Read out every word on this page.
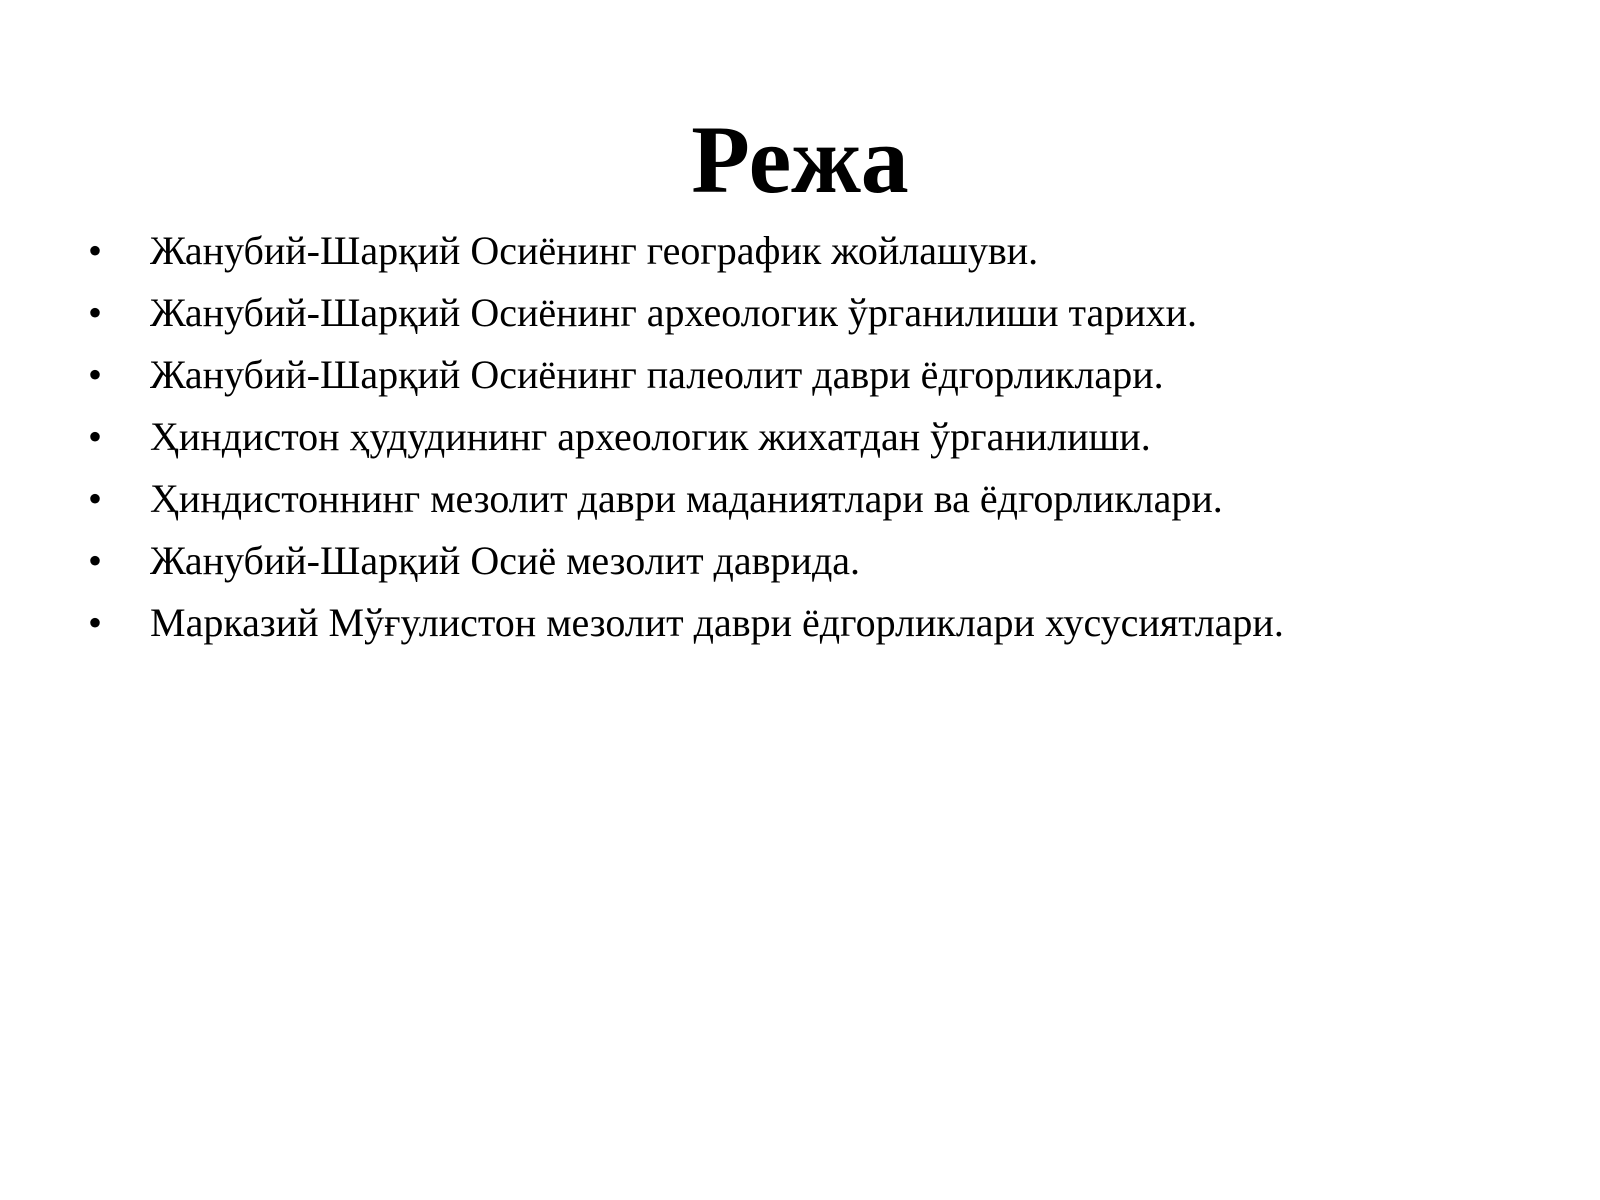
Режа
•	Жанубий-Шарқий Осиёнинг географик жойлашуви.
•	Жанубий-Шарқий Осиёнинг археологик ўрганилиши тарихи.
•	Жанубий-Шарқий Осиёнинг палеолит даври ёдгорликлари.
•	Ҳиндистон ҳудудининг археологик жихатдан ўрганилиши.
•	Ҳиндистоннинг мезолит даври маданиятлари ва ёдгорликлари.
•	Жанубий-Шарқий Осиё мезолит даврида.
•	Марказий Мўғулистон мезолит даври ёдгорликлари хусусиятлари.
